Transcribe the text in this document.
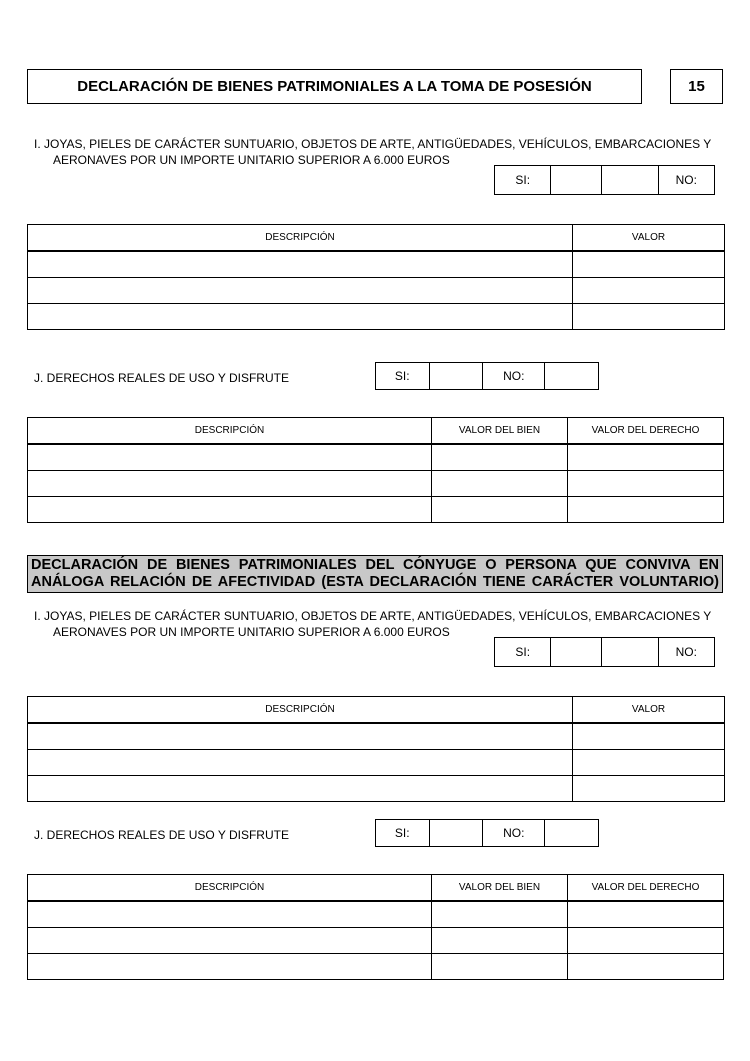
DECLARACIÓN DE BIENES PATRIMONIALES A LA TOMA DE POSESIÓN	15
I. JOYAS, PIELES DE CARÁCTER SUNTUARIO, OBJETOS DE ARTE, ANTIGÜEDADES, VEHÍCULOS, EMBARCACIONES Y
AERONAVES POR UN IMPORTE UNITARIO SUPERIOR A 6.000 EUROS
SI:	NO:
DESCRIPCIÓN	VALOR

J. DERECHOS REALES DE USO Y DISFRUTE	SI:	NO:
DESCRIPCIÓN	VALOR DEL BIEN	VALOR DEL DERECHO

DECLARACIÓN DE BIENES PATRIMONIALES DEL CÓNYUGE O PERSONA QUE CONVIVA EN
ANÁLOGA RELACIÓN DE AFECTIVIDAD (ESTA DECLARACIÓN TIENE CARÁCTER VOLUNTARIO)
I. JOYAS, PIELES DE CARÁCTER SUNTUARIO, OBJETOS DE ARTE, ANTIGÜEDADES, VEHÍCULOS, EMBARCACIONES Y
AERONAVES POR UN IMPORTE UNITARIO SUPERIOR A 6.000 EUROS
SI:	NO:
DESCRIPCIÓN	VALOR

J. DERECHOS REALES DE USO Y DISFRUTE	SI:	NO:
DESCRIPCIÓN	VALOR DEL BIEN	VALOR DEL DERECHO
